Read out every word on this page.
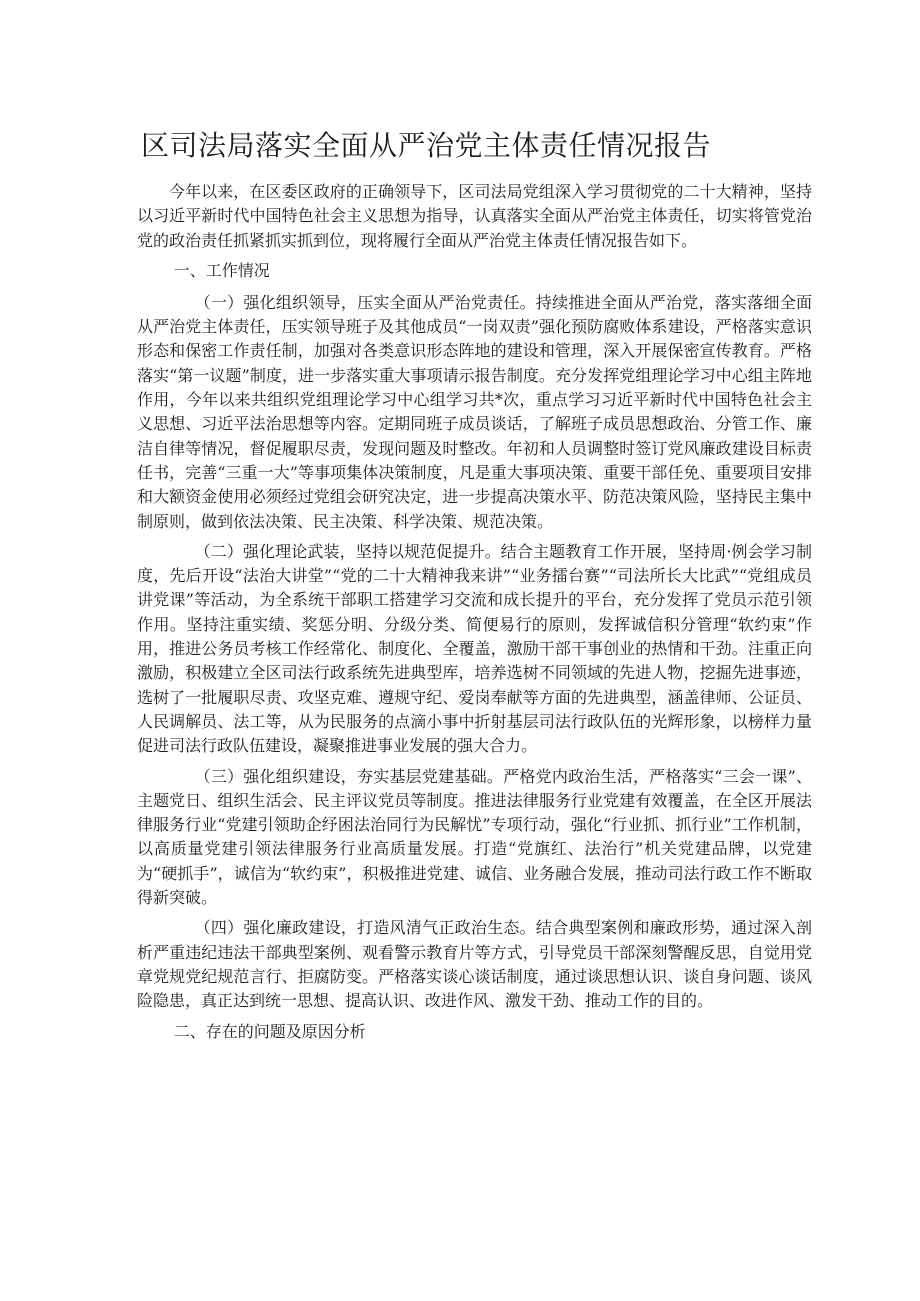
区司法局落实全面从严治党主体责任情况报告

今年以来，在区委区政府的正确领导下，区司法局党组深入学习贯彻党的二十大精神，坚持以习近平新时代中国特色社会主义思想为指导，认真落实全面从严治党主体责任，切实将管党治党的政治责任抓紧抓实抓到位，现将履行全面从严治党主体责任情况报告如下。

一、工作情况

（一）强化组织领导，压实全面从严治党责任。持续推进全面从严治党，落实落细全面从严治党主体责任，压实领导班子及其他成员“一岗双责”强化预防腐败体系建设，严格落实意识形态和保密工作责任制，加强对各类意识形态阵地的建设和管理，深入开展保密宣传教育。严格落实“第一议题”制度，进一步落实重大事项请示报告制度。充分发挥党组理论学习中心组主阵地作用，今年以来共组织党组理论学习中心组学习共*次，重点学习习近平新时代中国特色社会主义思想、习近平法治思想等内容。定期同班子成员谈话，了解班子成员思想政治、分管工作、廉洁自律等情况，督促履职尽责，发现问题及时整改。年初和人员调整时签订党风廉政建设目标责任书，完善“三重一大”等事项集体决策制度，凡是重大事项决策、重要干部任免、重要项目安排和大额资金使用必须经过党组会研究决定，进一步提高决策水平、防范决策风险，坚持民主集中制原则，做到依法决策、民主决策、科学决策、规范决策。

（二）强化理论武装，坚持以规范促提升。结合主题教育工作开展，坚持周·例会学习制度，先后开设“法治大讲堂”“党的二十大精神我来讲”“业务擂台赛”“司法所长大比武”“党组成员讲党课”等活动，为全系统干部职工搭建学习交流和成长提升的平台，充分发挥了党员示范引领作用。坚持注重实绩、奖惩分明、分级分类、简便易行的原则，发挥诚信积分管理“软约束”作用，推进公务员考核工作经常化、制度化、全覆盖，激励干部干事创业的热情和干劲。注重正向激励，积极建立全区司法行政系统先进典型库，培养选树不同领域的先进人物，挖掘先进事迹，选树了一批履职尽责、攻坚克难、遵规守纪、爱岗奉献等方面的先进典型，涵盖律师、公证员、人民调解员、法工等，从为民服务的点滴小事中折射基层司法行政队伍的光辉形象，以榜样力量促进司法行政队伍建设，凝聚推进事业发展的强大合力。

（三）强化组织建设，夯实基层党建基础。严格党内政治生活，严格落实“三会一课”、主题党日、组织生活会、民主评议党员等制度。推进法律服务行业党建有效覆盖，在全区开展法律服务行业“党建引领助企纾困法治同行为民解忧”专项行动，强化“行业抓、抓行业”工作机制，以高质量党建引领法律服务行业高质量发展。打造“党旗红、法治行”机关党建品牌，以党建为“硬抓手”，诚信为“软约束”，积极推进党建、诚信、业务融合发展，推动司法行政工作不断取得新突破。

（四）强化廉政建设，打造风清气正政治生态。结合典型案例和廉政形势，通过深入剖析严重违纪违法干部典型案例、观看警示教育片等方式，引导党员干部深刻警醒反思，自觉用党章党规党纪规范言行、拒腐防变。严格落实谈心谈话制度，通过谈思想认识、谈自身问题、谈风险隐患，真正达到统一思想、提高认识、改进作风、激发干劲、推动工作的目的。

二、存在的问题及原因分析
